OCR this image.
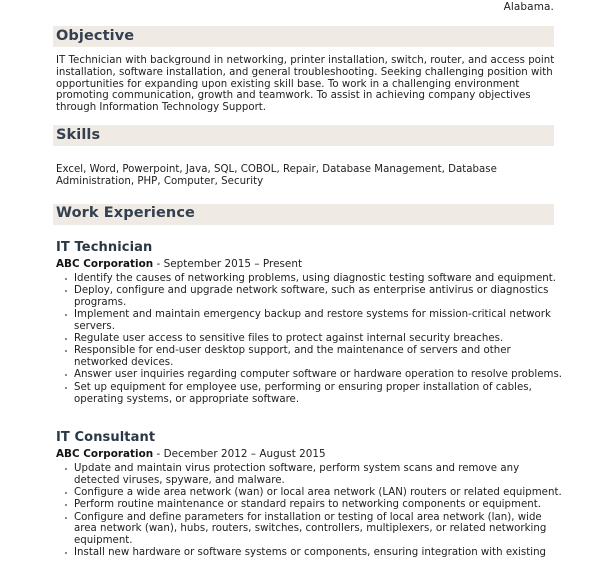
Alabama.
Objective
IT Technician with background in networking, printer installation, switch, router, and access point installation, software installation, and general troubleshooting. Seeking challenging position with opportunities for expanding upon existing skill base. To work in a challenging environment promoting communication, growth and teamwork. To assist in achieving company objectives through Information Technology Support.
Skills
Excel, Word, Powerpoint, Java, SQL, COBOL, Repair, Database Management, Database Administration, PHP, Computer, Security
Work Experience
IT Technician
ABC Corporation - September 2015 – Present
Identify the causes of networking problems, using diagnostic testing software and equipment.
Deploy, configure and upgrade network software, such as enterprise antivirus or diagnostics programs.
Implement and maintain emergency backup and restore systems for mission-critical network servers.
Regulate user access to sensitive files to protect against internal security breaches.
Responsible for end-user desktop support, and the maintenance of servers and other networked devices.
Answer user inquiries regarding computer software or hardware operation to resolve problems.
Set up equipment for employee use, performing or ensuring proper installation of cables, operating systems, or appropriate software.
IT Consultant
ABC Corporation - December 2012 – August 2015
Update and maintain virus protection software, perform system scans and remove any detected viruses, spyware, and malware.
Configure a wide area network (wan) or local area network (LAN) routers or related equipment.
Perform routine maintenance or standard repairs to networking components or equipment.
Configure and define parameters for installation or testing of local area network (lan), wide area network (wan), hubs, routers, switches, controllers, multiplexers, or related networking equipment.
Install new hardware or software systems or components, ensuring integration with existing
